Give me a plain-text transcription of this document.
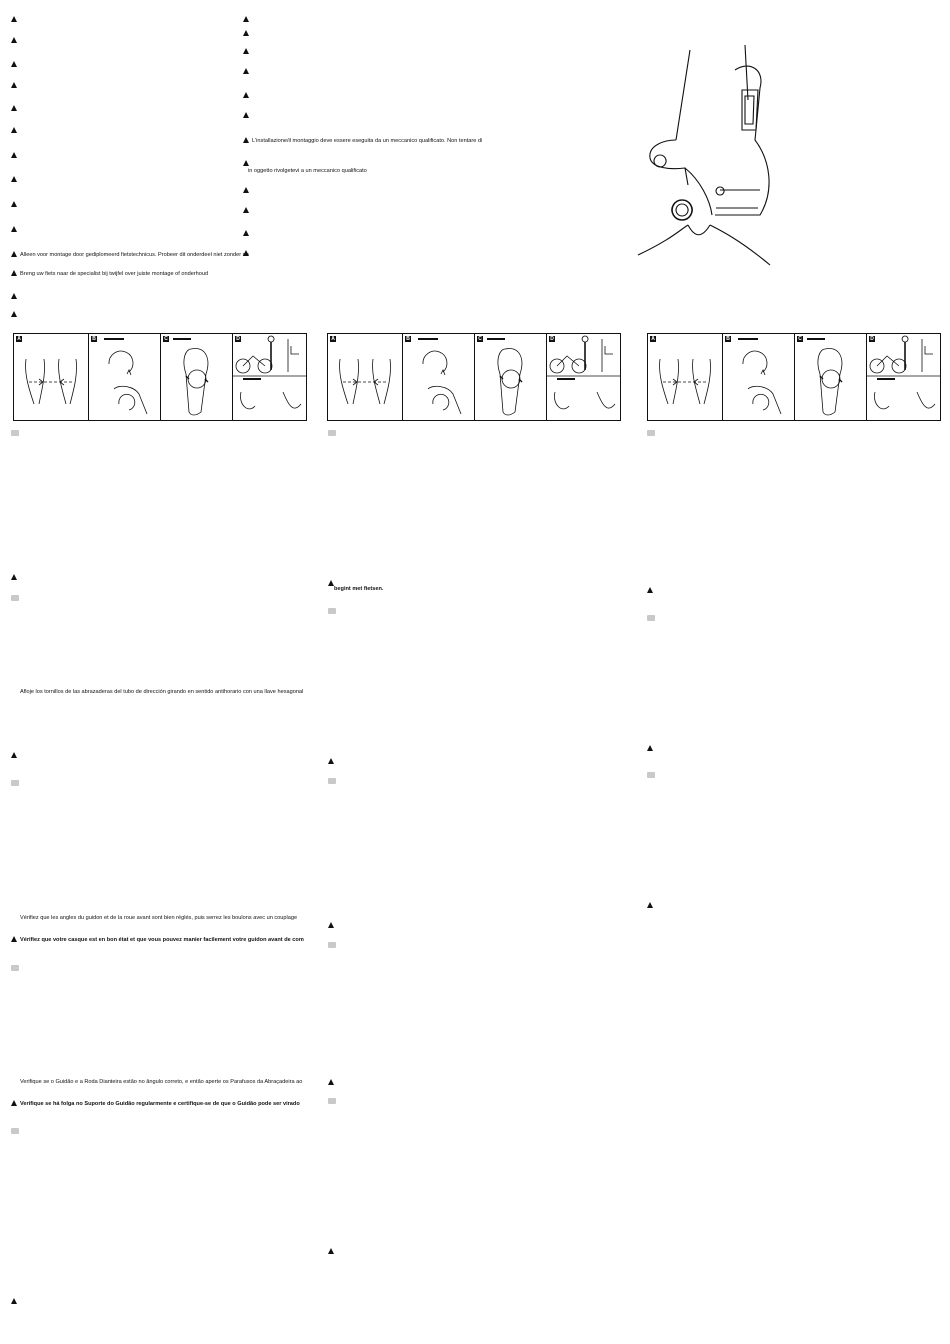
Alleen voor montage door gediplomeerd fietstechnicus. Probeer dit onderdeel niet zonder de
Breng uw fiets naar de specialist bij twijfel over juiste montage of onderhoud
L'installazione/il montaggio deve essere eseguita da un meccanico qualificato. Non tentare di
in oggetto rivolgetevi a un meccanico qualificato
A	B	C	D	A	B	C	D	A	B	C	D
Afloje los tornillos de las abrazaderas del tubo de dirección girando en sentido antihorario con una llave hexagonal
Vérifiez que les angles du guidon et de la roue avant sont bien réglés, puis serrez les boulons avec un couplage
Vérifiez que votre casque est en bon état et que vous pouvez manier facilement votre guidon avant de com
Verifique se o Guidão e a Roda Dianteira estão no ângulo correto, e então aperte os Parafusos da Abraçadeira ao
Verifique se há folga no Suporte do Guidão regularmente e certifique-se de que o Guidão pode ser virado
begint met fietsen.
